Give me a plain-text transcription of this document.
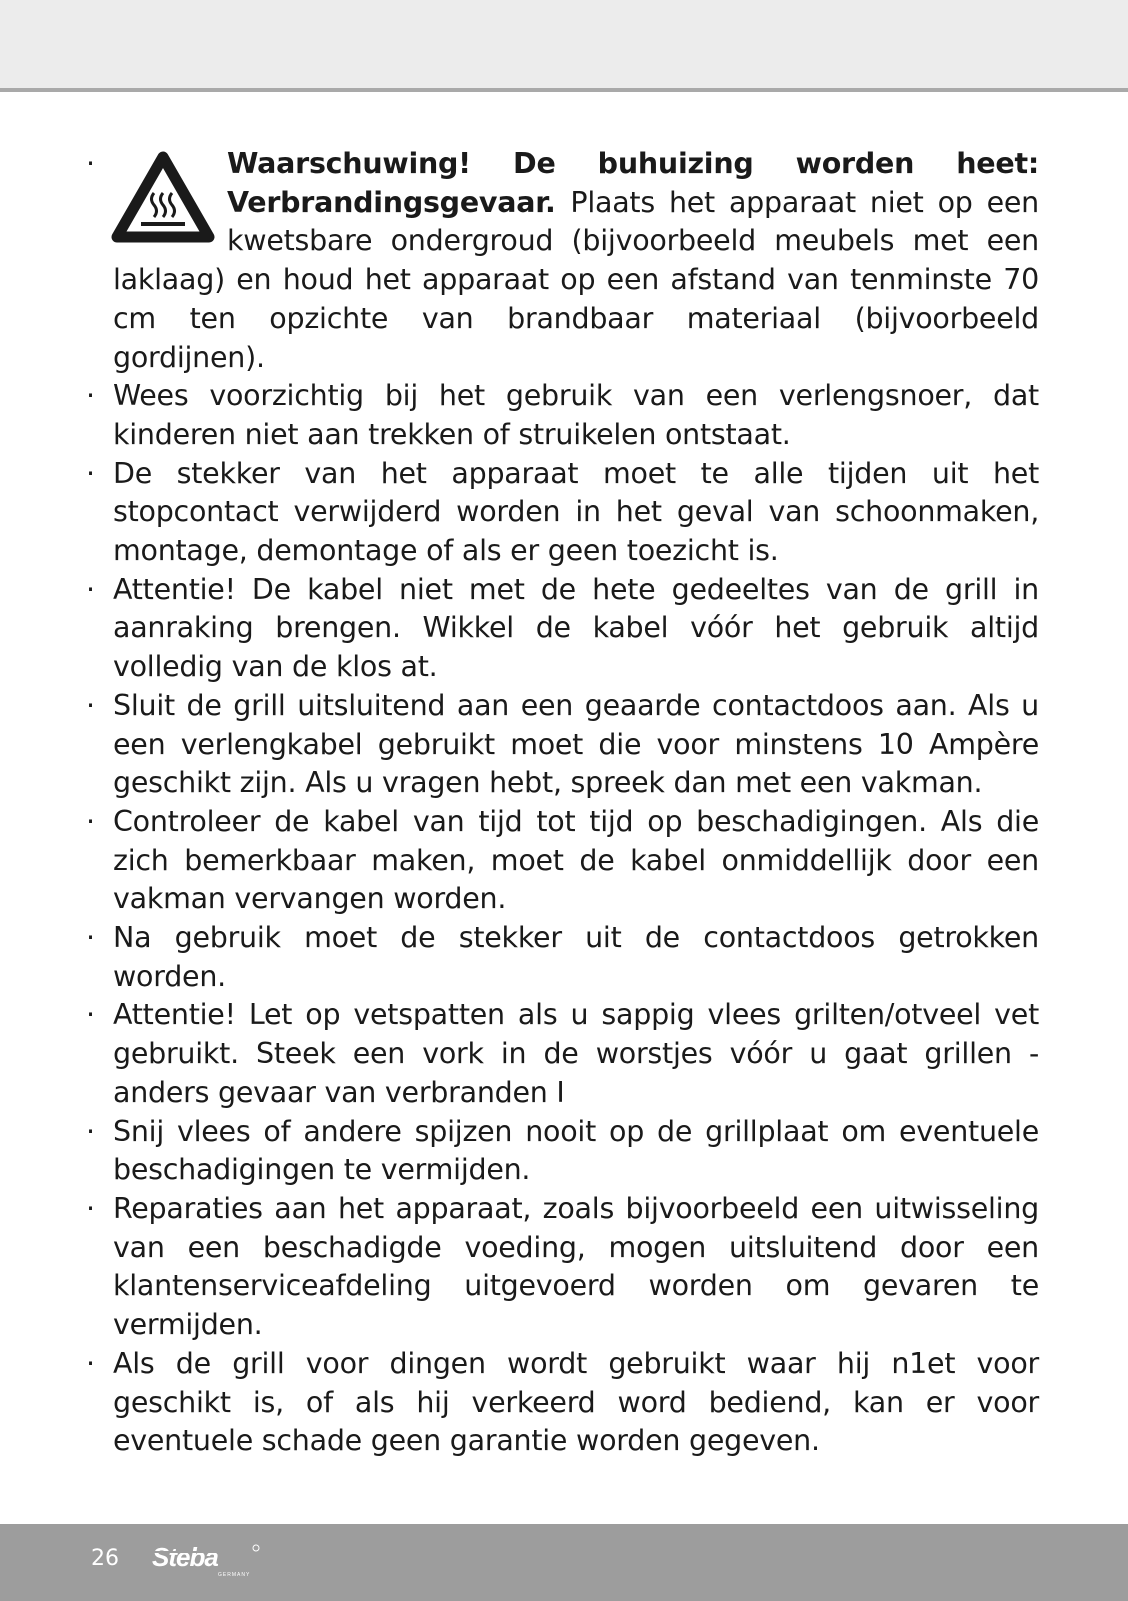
·	Waarschuwing! De buhuizing worden heet: Verbrandingsgevaar. Plaats het apparaat niet op een kwetsbare ondergroud (bijvoorbeeld meubels met een laklaag) en houd het apparaat op een afstand van tenminste 70 cm ten opzichte van brandbaar materiaal (bijvoorbeeld gordijnen).
· Wees voorzichtig bij het gebruik van een verlengsnoer, dat kinderen niet aan trekken of struikelen ontstaat.
· De stekker van het apparaat moet te alle tijden uit het stopcontact verwijderd worden in het geval van schoonmaken, montage, demontage of als er geen toezicht is.
· Attentie! De kabel niet met de hete gedeeltes van de grill in aanraking brengen. Wikkel de kabel vóór het gebruik altijd volledig van de klos at.
· Sluit de grill uitsluitend aan een geaarde contactdoos aan. Als u een verlengkabel gebruikt moet die voor minstens 10 Ampère geschikt zijn. Als u vragen hebt, spreek dan met een vakman.
· Controleer de kabel van tijd tot tijd op beschadigingen. Als die zich bemerkbaar maken, moet de kabel onmiddellijk door een vakman vervangen worden.
· Na gebruik moet de stekker uit de contactdoos getrokken worden.
· Attentie! Let op vetspatten als u sappig vlees grilten/otveel vet gebruikt. Steek een vork in de worstjes vóór u gaat grillen - anders gevaar van verbranden I
· Snij vlees of andere spijzen nooit op de grillplaat om eventuele beschadigingen te vermijden.
· Reparaties aan het apparaat, zoals bijvoorbeeld een uitwisseling van een beschadigde voeding, mogen uitsluitend door een klantenserviceafdeling uitgevoerd worden om gevaren te vermijden.
· Als de grill voor dingen wordt gebruikt waar hij n1et voor geschikt is, of als hij verkeerd word bediend, kan er voor eventuele schade geen garantie worden gegeven.
26 Steba
GERMANY
